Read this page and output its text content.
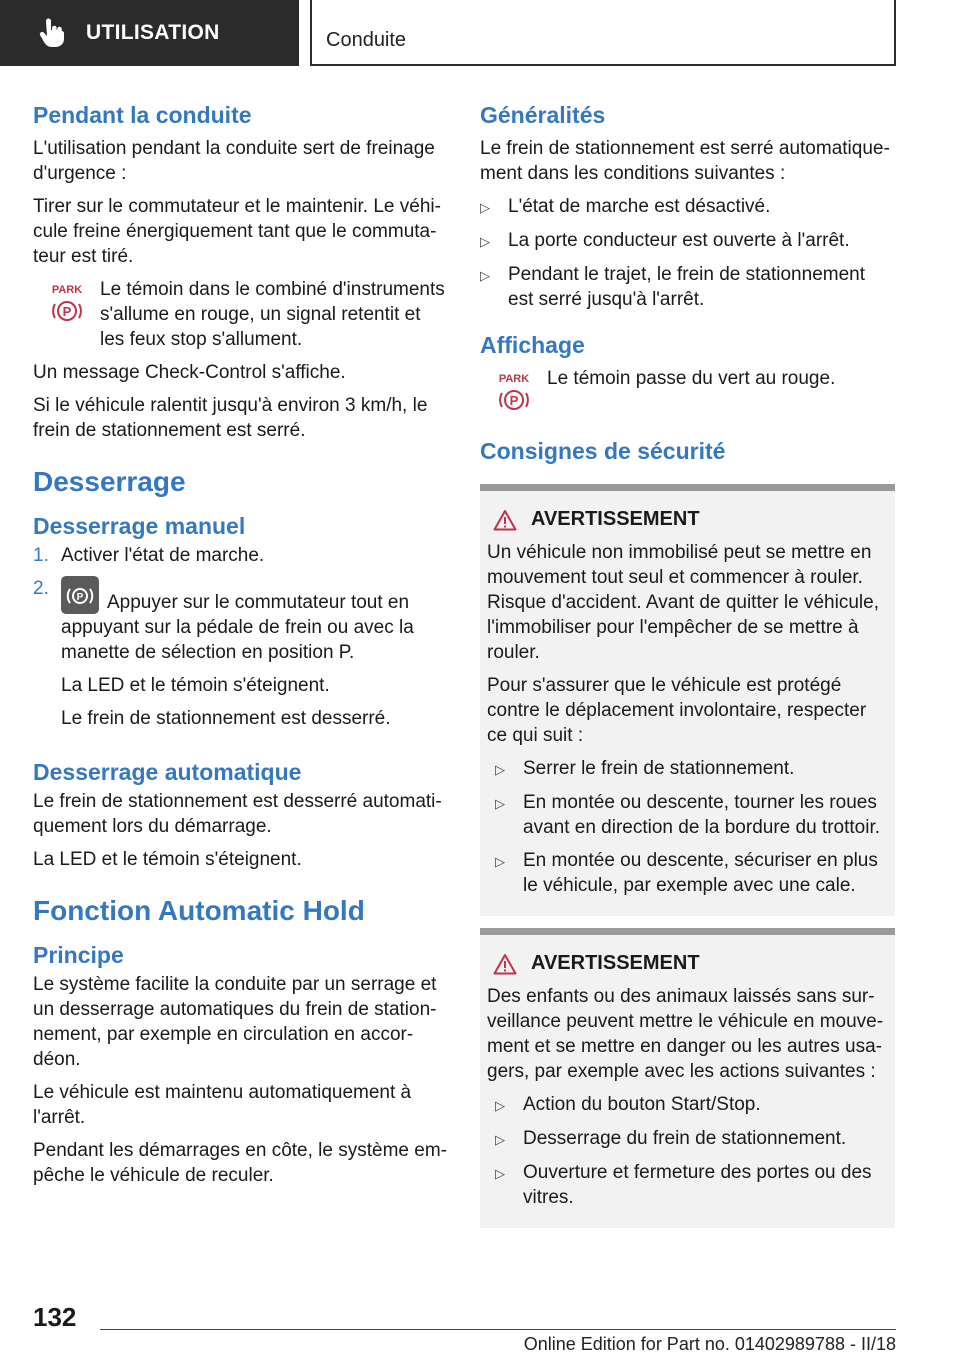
UTILISATION	Conduite
Pendant la conduite

L'utilisation pendant la conduite sert de freinage d'urgence :

Tirer sur le commutateur et le maintenir. Le véhicule freine énergiquement tant que le commutateur est tiré.

PARK
P
Le témoin dans le combiné d'instruments s'allume en rouge, un signal retentit et les feux stop s'allument.

Un message Check-Control s'affiche.

Si le véhicule ralentit jusqu'à environ 3 km/h, le frein de stationnement est serré.

Desserrage
Desserrage manuel
1. Activer l'état de marche.
2.	P Appuyer sur le commutateur tout en appuyant sur la pédale de frein ou avec la manette de sélection en position P.

La LED et le témoin s'éteignent.

Le frein de stationnement est desserré.

Desserrage automatique

Le frein de stationnement est desserré automatiquement lors du démarrage.

La LED et le témoin s'éteignent.

Fonction Automatic Hold
Principe

Le système facilite la conduite par un serrage et un desserrage automatiques du frein de stationnement, par exemple en circulation en accordéon.

Le véhicule est maintenu automatiquement à l'arrêt.

Pendant les démarrages en côte, le système empêche le véhicule de reculer.

Généralités

Le frein de stationnement est serré automatiquement dans les conditions suivantes :

▷ L'état de marche est désactivé.
▷ La porte conducteur est ouverte à l'arrêt.
▷ Pendant le trajet, le frein de stationnement est serré jusqu'à l'arrêt.
Affichage
PARK
P
Le témoin passe du vert au rouge.
Consignes de sécurité
AVERTISSEMENT

Un véhicule non immobilisé peut se mettre en mouvement tout seul et commencer à rouler. Risque d'accident. Avant de quitter le véhicule, l'immobiliser pour l'empêcher de se mettre à rouler.

Pour s'assurer que le véhicule est protégé contre le déplacement involontaire, respecter ce qui suit :

▷ Serrer le frein de stationnement.
▷ En montée ou descente, tourner les roues avant en direction de la bordure du trottoir.
▷ En montée ou descente, sécuriser en plus le véhicule, par exemple avec une cale.
AVERTISSEMENT

Des enfants ou des animaux laissés sans surveillance peuvent mettre le véhicule en mouvement et se mettre en danger ou les autres usagers, par exemple avec les actions suivantes :

▷ Action du bouton Start/Stop.
▷ Desserrage du frein de stationnement.
▷ Ouverture et fermeture des portes ou des vitres.
132
Online Edition for Part no. 01402989788 - II/18
